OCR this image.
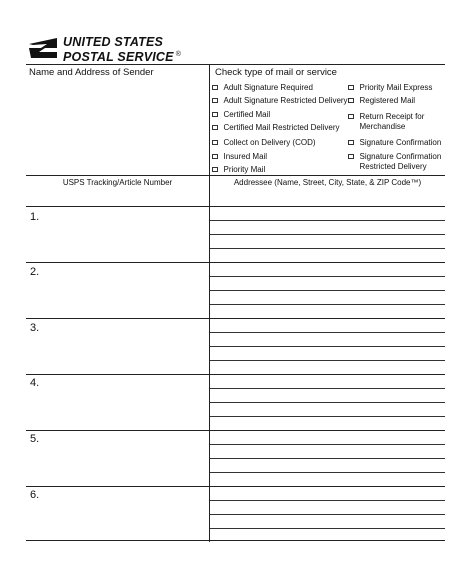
UNITED STATES
POSTAL SERVICE ®
Name and Address of Sender	Check type of mail or service
Adult Signature Required
Adult Signature Restricted Delivery
Certified Mail
Certified Mail Restricted Delivery
Collect on Delivery (COD)
Insured Mail
Priority Mail
Priority Mail Express
Registered Mail
Return Receipt for
Merchandise
Signature Confirmation
Signature Confirmation
Restricted Delivery
USPS Tracking/Article Number	Addressee (Name, Street, City, State, & ZIP Code™)
1.
2.
3.
4.
5.
6.
